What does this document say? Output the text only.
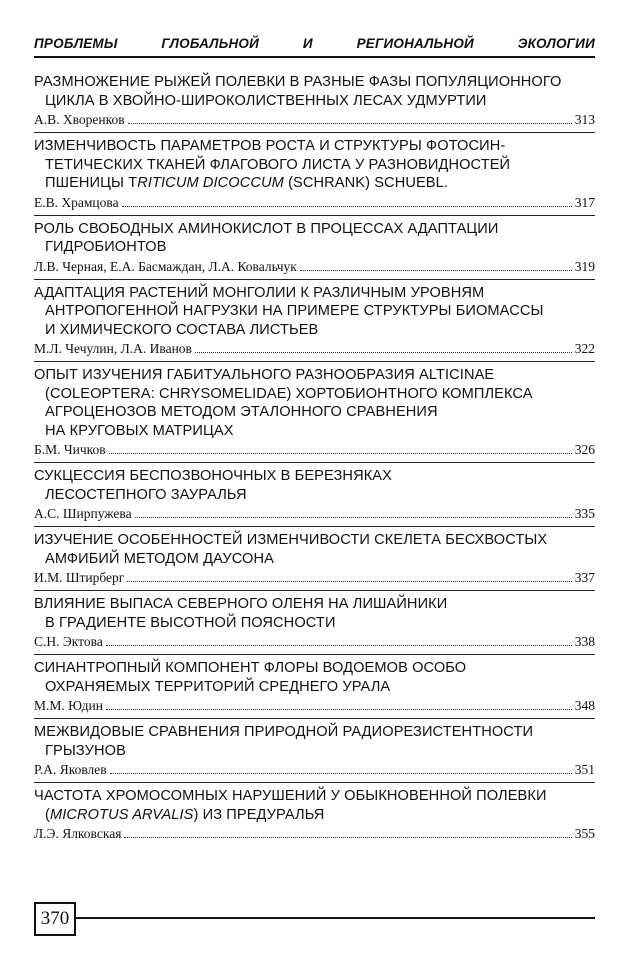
ПРОБЛЕМЫ	ГЛОБАЛЬНОЙ	И	РЕГИОНАЛЬНОЙ	ЭКОЛОГИИ
РАЗМНОЖЕНИЕ РЫЖЕЙ ПОЛЕВКИ В РАЗНЫЕ ФАЗЫ ПОПУЛЯЦИОННОГО
ЦИКЛА В ХВОЙНО-ШИРОКОЛИСТВЕННЫХ ЛЕСАХ УДМУРТИИ
А.В. Хворенков	313
ИЗМЕНЧИВОСТЬ ПАРАМЕТРОВ РОСТА И СТРУКТУРЫ ФОТОСИН-
ТЕТИЧЕСКИХ ТКАНЕЙ ФЛАГОВОГО ЛИСТА У РАЗНОВИДНОСТЕЙ
ПШЕНИЦЫ TRITICUM DICOCCUM (SCHRANK) SCHUEBL.
Е.В. Храмцова	317
РОЛЬ СВОБОДНЫХ АМИНОКИСЛОТ В ПРОЦЕССАХ АДАПТАЦИИ
ГИДРОБИОНТОВ
Л.В. Черная, Е.А. Басмаждан, Л.А. Ковальчук	319
АДАПТАЦИЯ РАСТЕНИЙ МОНГОЛИИ К РАЗЛИЧНЫМ УРОВНЯМ
АНТРОПОГЕННОЙ НАГРУЗКИ НА ПРИМЕРЕ СТРУКТУРЫ БИОМАССЫ
И ХИМИЧЕСКОГО СОСТАВА ЛИСТЬЕВ
М.Л. Чечулин, Л.А. Иванов	322
ОПЫТ ИЗУЧЕНИЯ ГАБИТУАЛЬНОГО РАЗНООБРАЗИЯ ALTICINAE
(COLEOPTERA: CHRYSOMELIDAE) ХОРТОБИОНТНОГО КОМПЛЕКСА
АГРОЦЕНОЗОВ МЕТОДОМ ЭТАЛОННОГО СРАВНЕНИЯ
НА КРУГОВЫХ МАТРИЦАХ
Б.М. Чичков	326
СУКЦЕССИЯ БЕСПОЗВОНОЧНЫХ В БЕРЕЗНЯКАХ
ЛЕСОСТЕПНОГО ЗАУРАЛЬЯ
А.С. Ширпужева	335
ИЗУЧЕНИЕ ОСОБЕННОСТЕЙ ИЗМЕНЧИВОСТИ СКЕЛЕТА БЕСХВОСТЫХ
АМФИБИЙ МЕТОДОМ ДАУСОНА
И.М. Штирберг	337
ВЛИЯНИЕ ВЫПАСА СЕВЕРНОГО ОЛЕНЯ НА ЛИШАЙНИКИ
В ГРАДИЕНТЕ ВЫСОТНОЙ ПОЯСНОСТИ
С.Н. Эктова	338
СИНАНТРОПНЫЙ КОМПОНЕНТ ФЛОРЫ ВОДОЕМОВ ОСОБО
ОХРАНЯЕМЫХ ТЕРРИТОРИЙ СРЕДНЕГО УРАЛА
М.М. Юдин	348
МЕЖВИДОВЫЕ СРАВНЕНИЯ ПРИРОДНОЙ РАДИОРЕЗИСТЕНТНОСТИ
ГРЫЗУНОВ
Р.А. Яковлев	351
ЧАСТОТА ХРОМОСОМНЫХ НАРУШЕНИЙ У ОБЫКНОВЕННОЙ ПОЛЕВКИ
(MICROTUS ARVALIS) ИЗ ПРЕДУРАЛЬЯ
Л.Э. Ялковская	355
370
